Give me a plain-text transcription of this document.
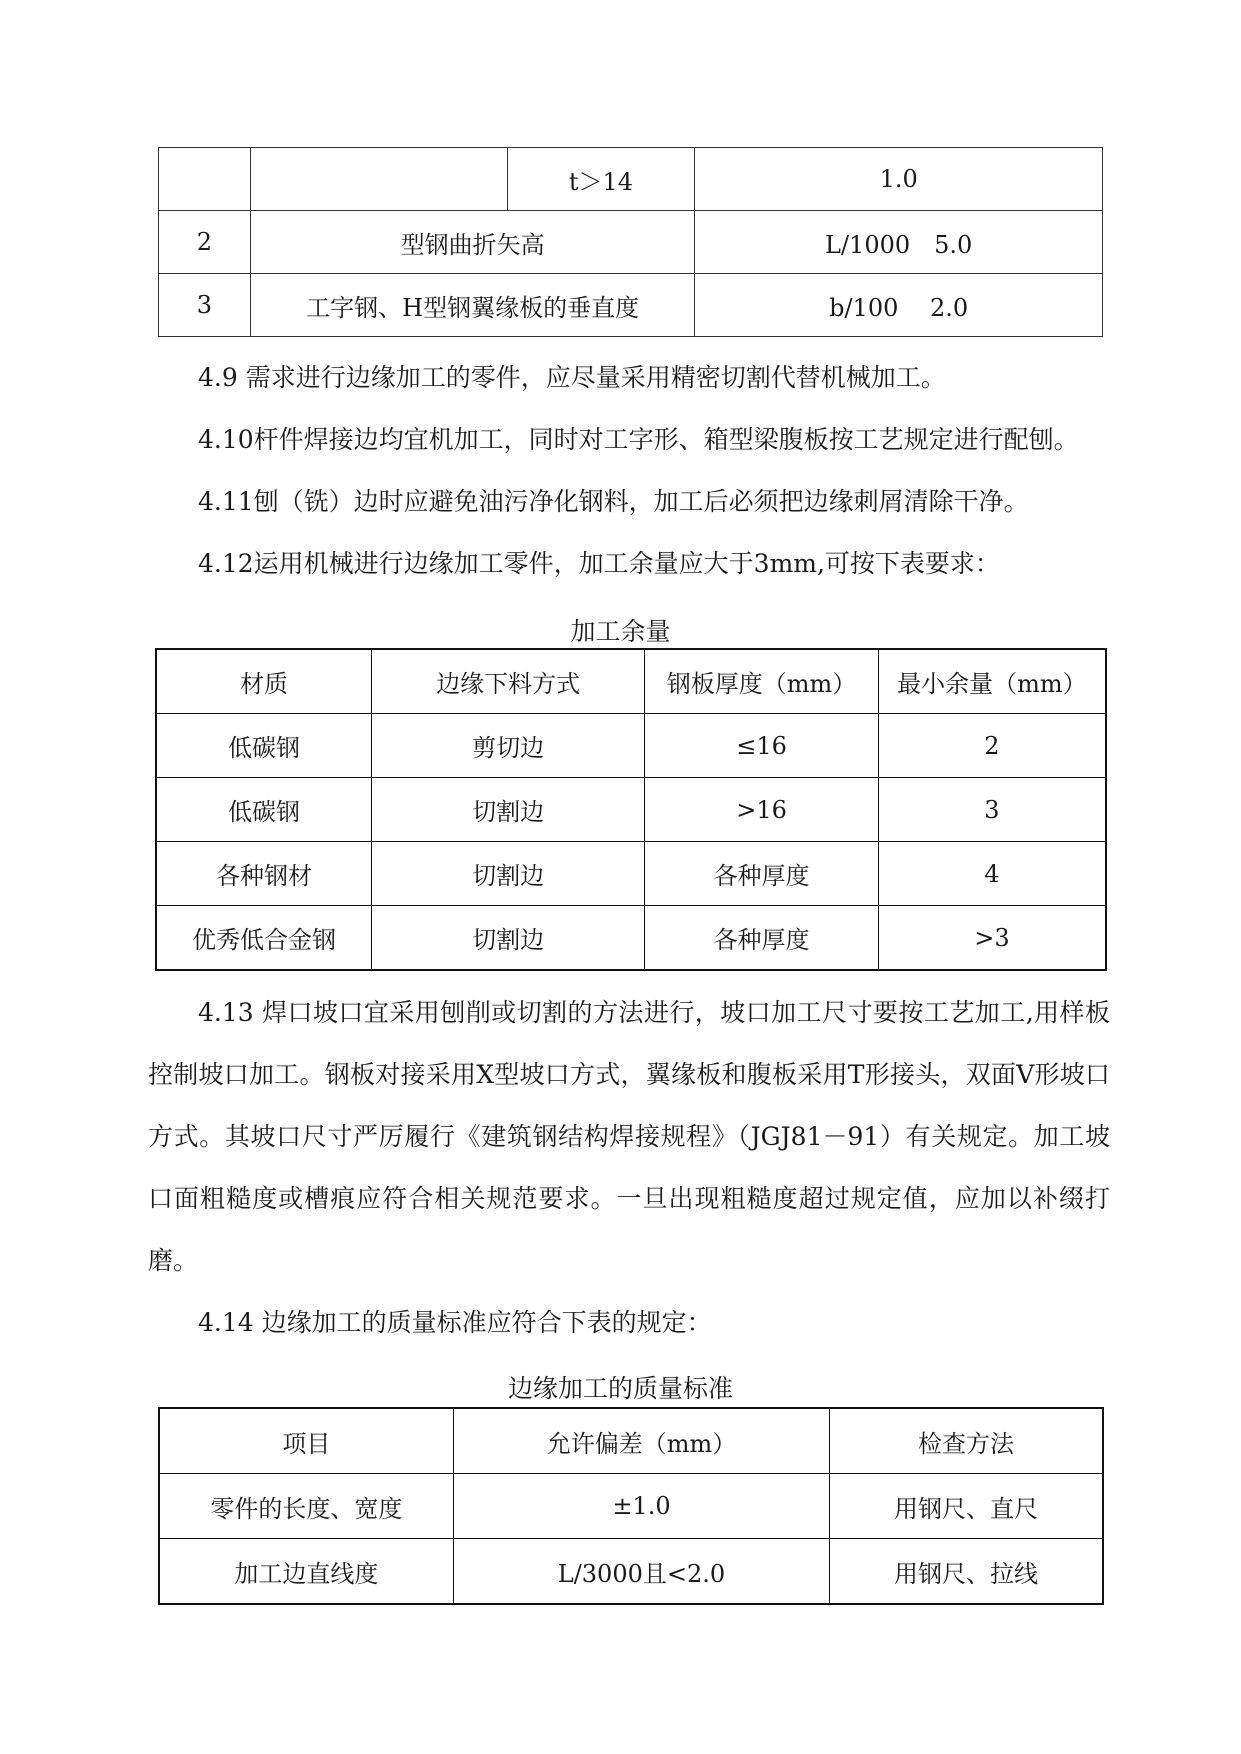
		t＞14	1.0
2	型钢曲折矢高		L/1000　5.0
3	工字钢、H型钢翼缘板的垂直度		b/100　 2.0

4.9 需求进行边缘加工的零件，应尽量采用精密切割代替机械加工。

4.10杆件焊接边均宜机加工，同时对工字形、箱型梁腹板按工艺规定进行配刨。

4.11刨（铣）边时应避免油污净化钢料，加工后必须把边缘刺屑清除干净。

4.12运用机械进行边缘加工零件，加工余量应大于3mm,可按下表要求：

加工余量

材质	边缘下料方式	钢板厚度（mm）	最小余量（mm）
低碳钢	剪切边	≤16	2
低碳钢	切割边	>16	3
各种钢材	切割边	各种厚度	4
优秀低合金钢	切割边	各种厚度	>3

4.13 焊口坡口宜采用刨削或切割的方法进行，坡口加工尺寸要按工艺加工,用样板控制坡口加工。钢板对接采用X型坡口方式，翼缘板和腹板采用T形接头，双面V形坡口方式。其坡口尺寸严厉履行《建筑钢结构焊接规程》（JGJ81－91）有关规定。加工坡口面粗糙度或槽痕应符合相关规范要求。一旦出现粗糙度超过规定值，应加以补缀打磨。

4.14 边缘加工的质量标准应符合下表的规定：

边缘加工的质量标准

项目	允许偏差（mm）	检查方法
零件的长度、宽度	±1.0	用钢尺、直尺
加工边直线度	L/3000且<2.0	用钢尺、拉线
